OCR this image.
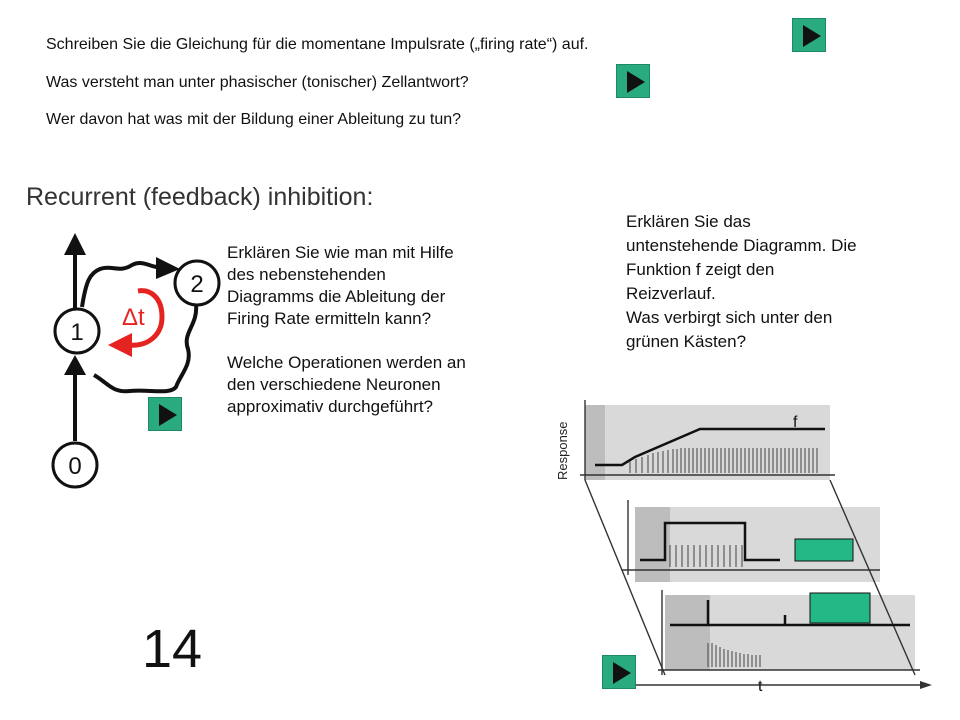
Schreiben Sie die Gleichung für die momentane Impulsrate („firing rate“) auf.
Was versteht man unter phasischer (tonischer) Zellantwort?
Wer davon hat was mit der Bildung einer Ableitung zu tun?
Recurrent (feedback) inhibition:
1
2
0
Δt
Erklären Sie wie man mit Hilfe
des nebenstehenden
Diagramms die Ableitung der
Firing Rate ermitteln kann?
Welche Operationen werden an
den verschiedene Neuronen
approximativ durchgeführt?
Erklären Sie das
untenstehende Diagramm. Die
Funktion f zeigt den
Reizverlauf.
Was verbirgt sich unter den
grünen Kästen?
f
t
Response
14
